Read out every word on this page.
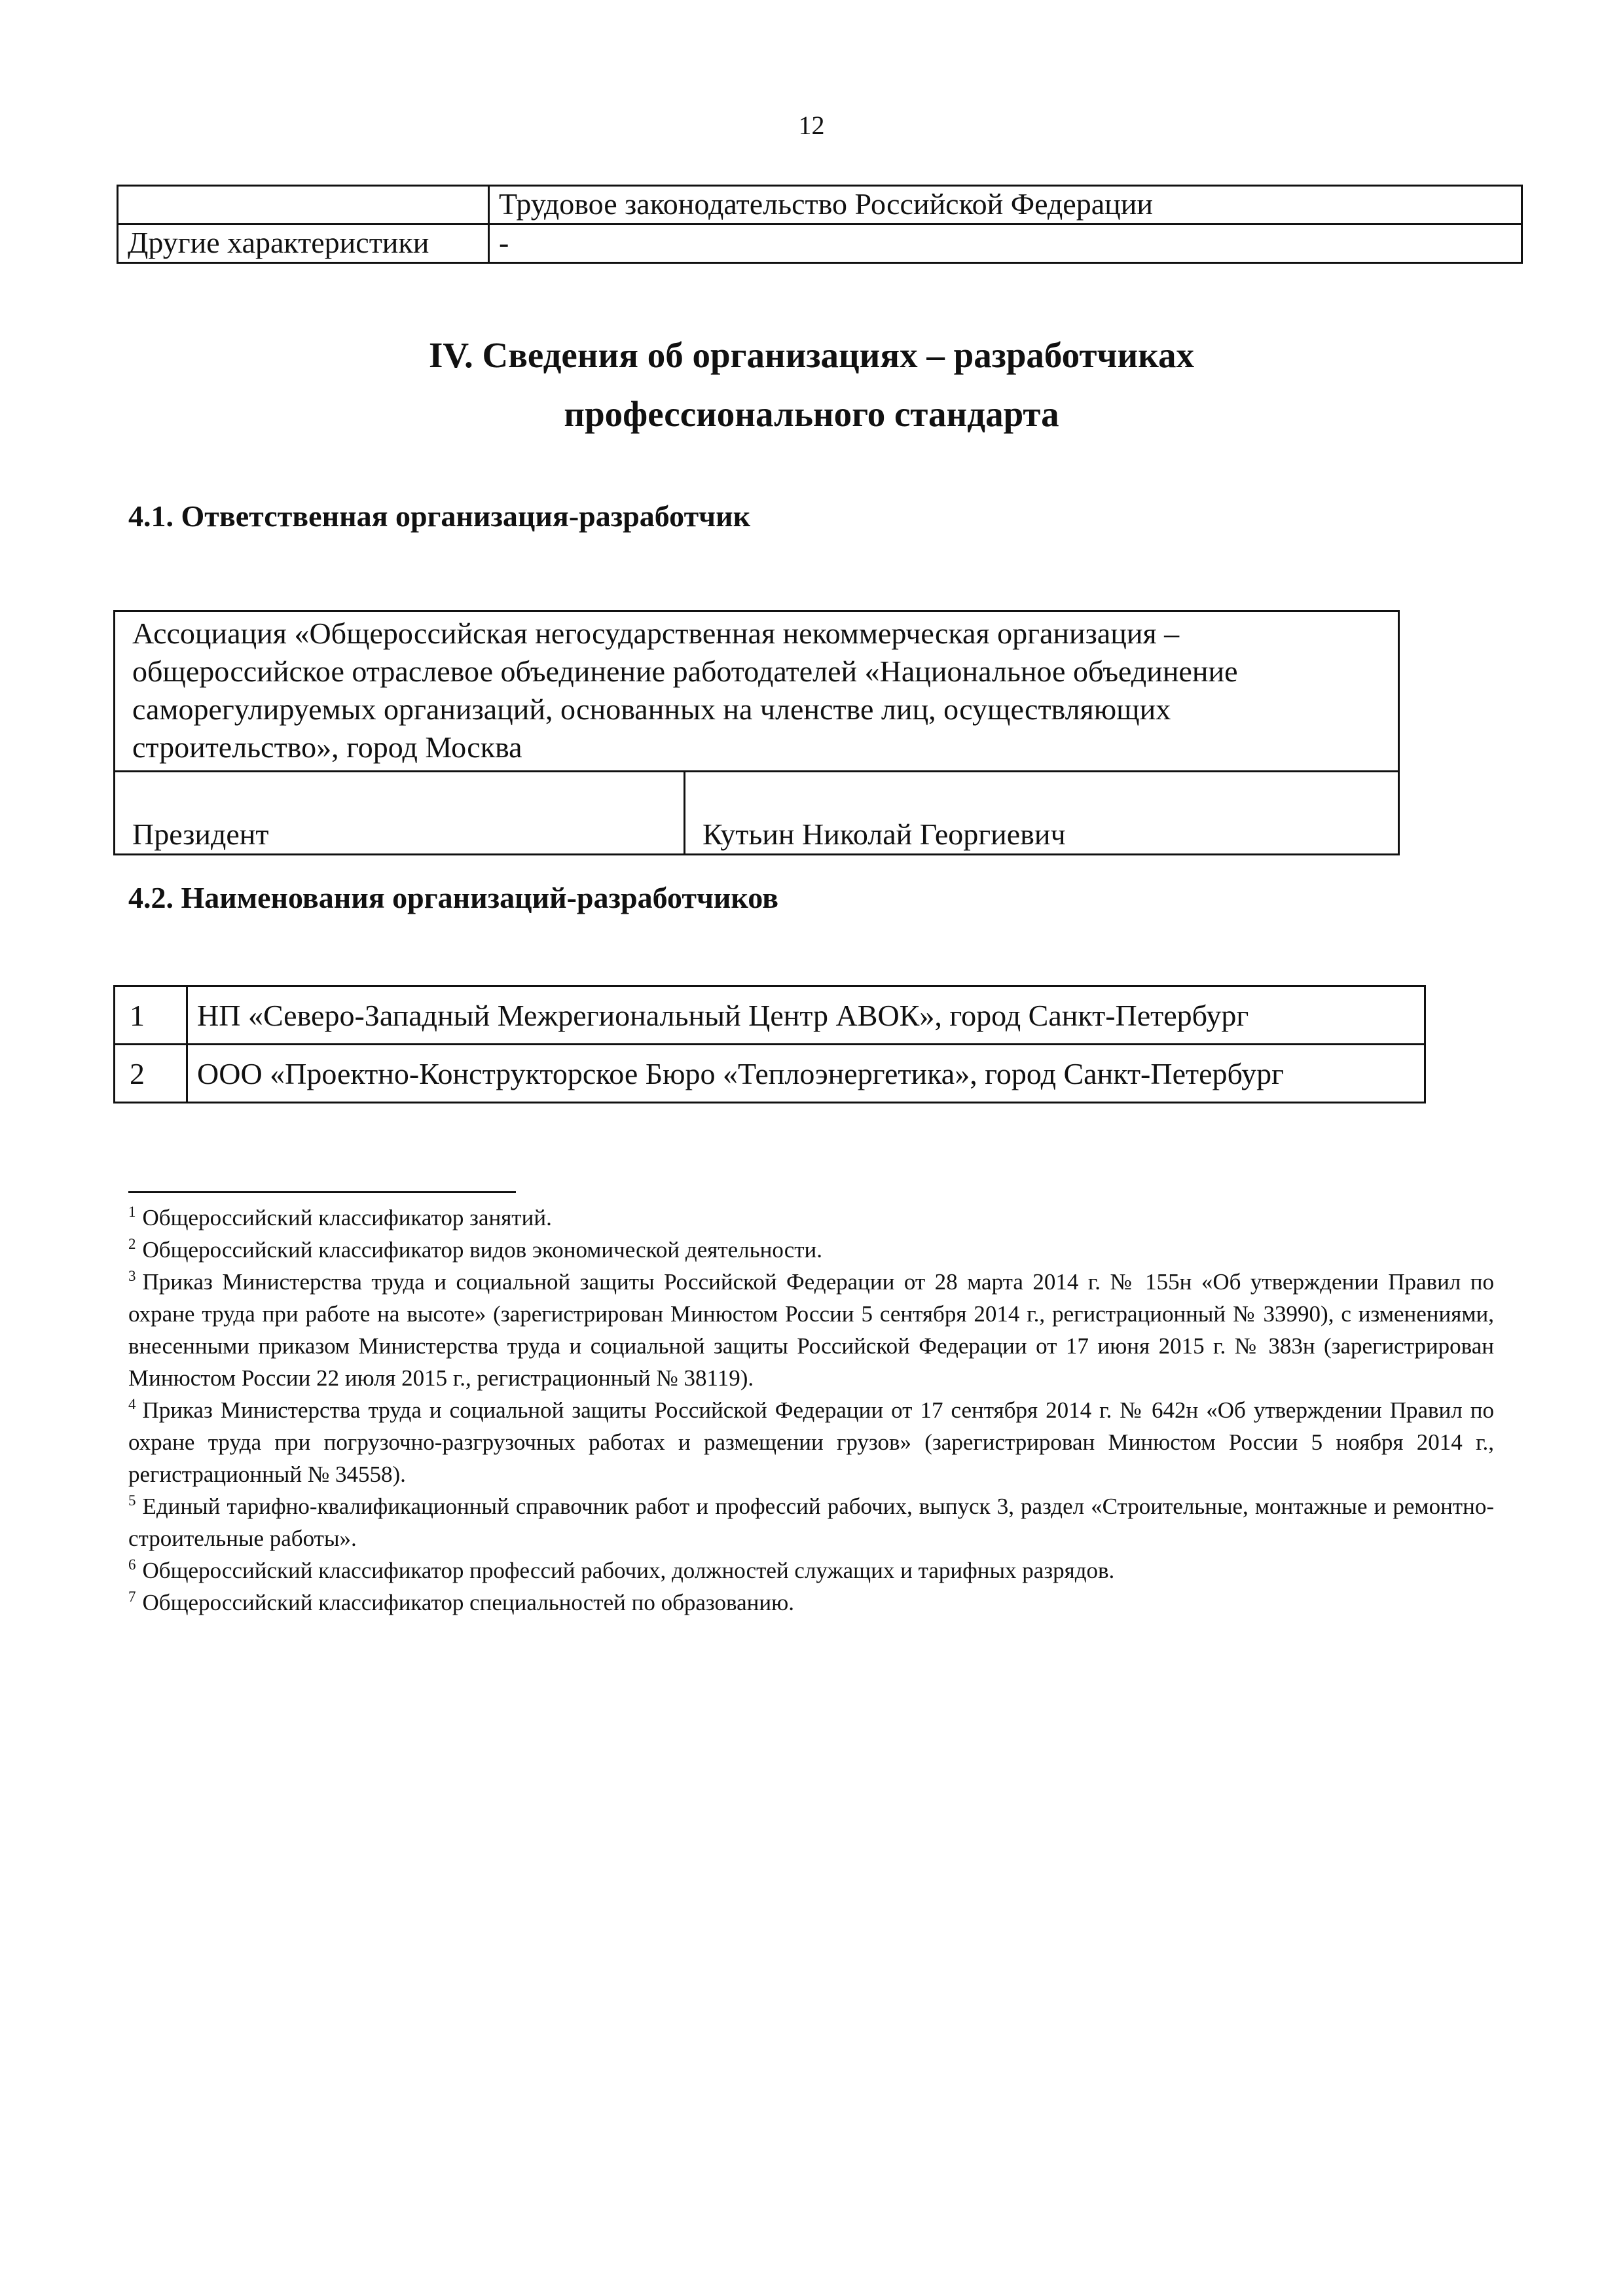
12
	Трудовое законодательство Российской Федерации
Другие характеристики	-
IV. Сведения об организациях – разработчиках
профессионального стандарта
4.1. Ответственная организация-разработчик
Ассоциация «Общероссийская негосударственная некоммерческая организация – общероссийское отраслевое объединение работодателей «Национальное объединение саморегулируемых организаций, основанных на членстве лиц, осуществляющих строительство», город Москва
Президент	Кутьин Николай Георгиевич
4.2. Наименования организаций-разработчиков
1	НП «Северо-Западный Межрегиональный Центр АВОК», город Санкт-Петербург
2	ООО «Проектно-Конструкторское Бюро «Теплоэнергетика», город Санкт-Петербург

$^1$ Общероссийский классификатор занятий.

$^2$ Общероссийский классификатор видов экономической деятельности.

$^3$ Приказ Министерства труда и социальной защиты Российской Федерации от 28 марта 2014 г. № 155н «Об утверждении Правил по охране труда при работе на высоте» (зарегистрирован Минюстом России 5 сентября 2014 г., регистрационный № 33990), с изменениями, внесенными приказом Министерства труда и социальной защиты Российской Федерации от 17 июня 2015 г. № 383н (зарегистрирован Минюстом России 22 июля 2015 г., регистрационный № 38119).

$^4$ Приказ Министерства труда и социальной защиты Российской Федерации от 17 сентября 2014 г. № 642н «Об утверждении Правил по охране труда при погрузочно-разгрузочных работах и размещении грузов» (зарегистрирован Минюстом России 5 ноября 2014 г., регистрационный № 34558).

$^5$ Единый тарифно-квалификационный справочник работ и профессий рабочих, выпуск 3, раздел «Строительные, монтажные и ремонтно-строительные работы».

$^6$ Общероссийский классификатор профессий рабочих, должностей служащих и тарифных разрядов.

$^7$ Общероссийский классификатор специальностей по образованию.
